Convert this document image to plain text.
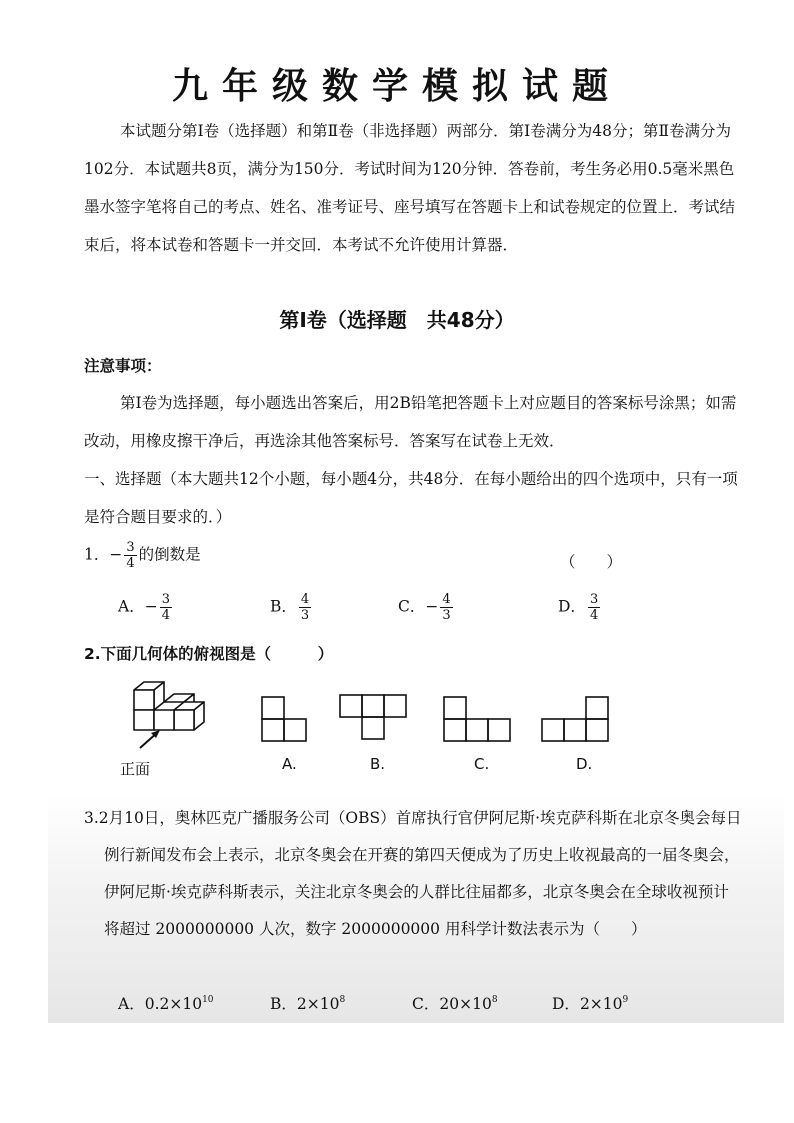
九年级数学模拟试题
本试题分第Ⅰ卷（选择题）和第Ⅱ卷（非选择题）两部分．第Ⅰ卷满分为48分；第Ⅱ卷满分为102分．本试题共8页，满分为150分．考试时间为120分钟．答卷前，考生务必用0.5毫米黑色墨水签字笔将自己的考点、姓名、准考证号、座号填写在答题卡上和试卷规定的位置上．考试结束后，将本试卷和答题卡一并交回．本考试不允许使用计算器．
第Ⅰ卷（选择题　共48分）
注意事项：
第Ⅰ卷为选择题，每小题选出答案后，用2B铅笔把答题卡上对应题目的答案标号涂黑；如需改动，用橡皮擦干净后，再选涂其他答案标号．答案写在试卷上无效．
一、选择题（本大题共12个小题，每小题4分，共48分．在每小题给出的四个选项中，只有一项是符合题目要求的．）
1．− $\frac{3}{4}$ 的倒数是	（　　）
A．− $\frac{3}{4}$	B． $\frac{4}{3}$	C．− $\frac{4}{3}$	D． $\frac{3}{4}$
2.下面几何体的俯视图是（　　　）
正面	A.	B.	C.	D.
3.2月10日，奥林匹克广播服务公司（OBS）首席执行官伊阿尼斯·埃克萨科斯在北京冬奥会每日例行新闻发布会上表示，北京冬奥会在开赛的第四天便成为了历史上收视最高的一届冬奥会，伊阿尼斯·埃克萨科斯表示，关注北京冬奥会的人群比往届都多，北京冬奥会在全球收视预计将超过 2000000000 人次，数字 2000000000 用科学计数法表示为（　　）
A．$0.2\times 10^{10}$	B．$2\times 10^8$	C．$20\times 10^8$	D．$2\times 10^9$
